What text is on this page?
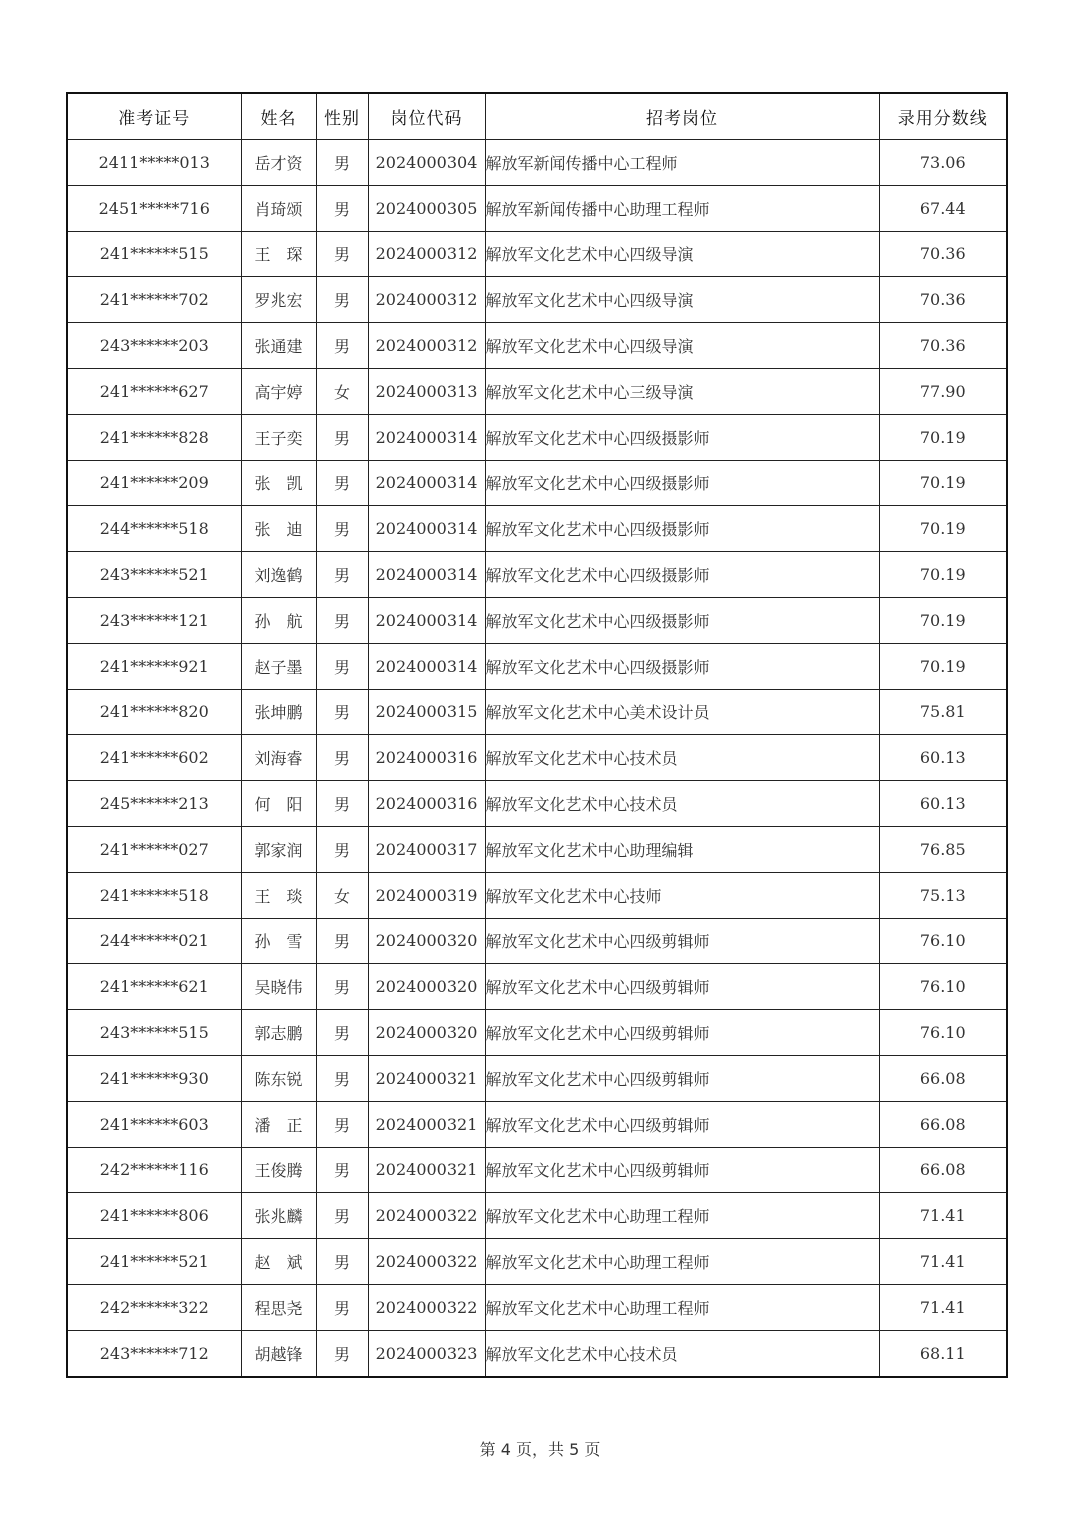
准考证号	姓名	性别	岗位代码	招考岗位	录用分数线
2411*****013	岳才资	男	2024000304	解放军新闻传播中心工程师	73.06
2451*****716	肖琦颂	男	2024000305	解放军新闻传播中心助理工程师	67.44
241******515	王　琛	男	2024000312	解放军文化艺术中心四级导演	70.36
241******702	罗兆宏	男	2024000312	解放军文化艺术中心四级导演	70.36
243******203	张通建	男	2024000312	解放军文化艺术中心四级导演	70.36
241******627	高宇婷	女	2024000313	解放军文化艺术中心三级导演	77.90
241******828	王子奕	男	2024000314	解放军文化艺术中心四级摄影师	70.19
241******209	张　凯	男	2024000314	解放军文化艺术中心四级摄影师	70.19
244******518	张　迪	男	2024000314	解放军文化艺术中心四级摄影师	70.19
243******521	刘逸鹤	男	2024000314	解放军文化艺术中心四级摄影师	70.19
243******121	孙　航	男	2024000314	解放军文化艺术中心四级摄影师	70.19
241******921	赵子墨	男	2024000314	解放军文化艺术中心四级摄影师	70.19
241******820	张坤鹏	男	2024000315	解放军文化艺术中心美术设计员	75.81
241******602	刘海睿	男	2024000316	解放军文化艺术中心技术员	60.13
245******213	何　阳	男	2024000316	解放军文化艺术中心技术员	60.13
241******027	郭家润	男	2024000317	解放军文化艺术中心助理编辑	76.85
241******518	王　琰	女	2024000319	解放军文化艺术中心技师	75.13
244******021	孙　雪	男	2024000320	解放军文化艺术中心四级剪辑师	76.10
241******621	吴晓伟	男	2024000320	解放军文化艺术中心四级剪辑师	76.10
243******515	郭志鹏	男	2024000320	解放军文化艺术中心四级剪辑师	76.10
241******930	陈东锐	男	2024000321	解放军文化艺术中心四级剪辑师	66.08
241******603	潘　正	男	2024000321	解放军文化艺术中心四级剪辑师	66.08
242******116	王俊腾	男	2024000321	解放军文化艺术中心四级剪辑师	66.08
241******806	张兆麟	男	2024000322	解放军文化艺术中心助理工程师	71.41
241******521	赵　斌	男	2024000322	解放军文化艺术中心助理工程师	71.41
242******322	程思尧	男	2024000322	解放军文化艺术中心助理工程师	71.41
243******712	胡越锋	男	2024000323	解放军文化艺术中心技术员	68.11
第 4 页，共 5 页
